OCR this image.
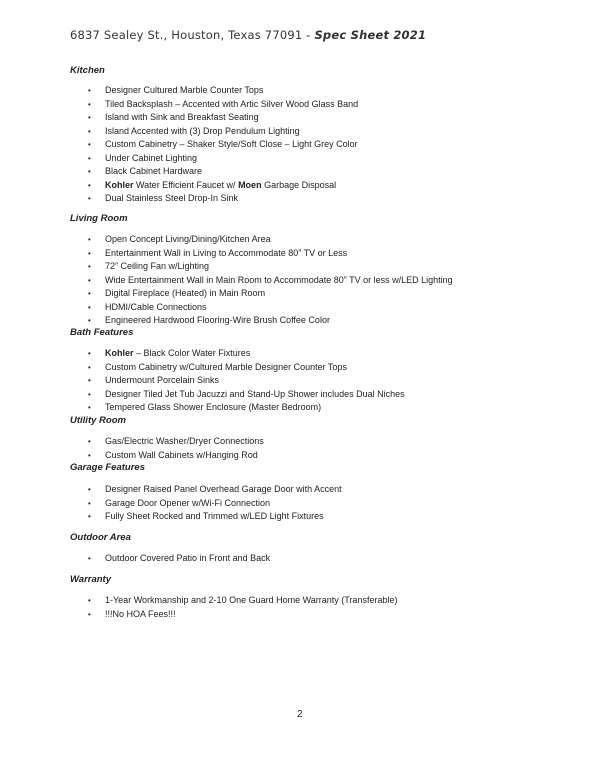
6837 Sealey St., Houston, Texas 77091 - Spec Sheet 2021
Kitchen
• Designer Cultured Marble Counter Tops
• Tiled Backsplash – Accented with Artic Silver Wood Glass Band
• Island with Sink and Breakfast Seating
• Island Accented with (3) Drop Pendulum Lighting
• Custom Cabinetry – Shaker Style/Soft Close – Light Grey Color
• Under Cabinet Lighting
• Black Cabinet Hardware
• Kohler Water Efficient Faucet w/ Moen Garbage Disposal
• Dual Stainless Steel Drop-In Sink
Living Room
• Open Concept Living/Dining/Kitchen Area
• Entertainment Wall in Living to Accommodate 80” TV or Less
• 72” Ceiling Fan w/Lighting
• Wide Entertainment Wall in Main Room to Accommodate 80” TV or less w/LED Lighting
• Digital Fireplace (Heated) in Main Room
• HDMI/Cable Connections
• Engineered Hardwood Flooring-Wire Brush Coffee Color
Bath Features
• Kohler – Black Color Water Fixtures
• Custom Cabinetry w/Cultured Marble Designer Counter Tops
• Undermount Porcelain Sinks
• Designer Tiled Jet Tub Jacuzzi and Stand-Up Shower includes Dual Niches
• Tempered Glass Shower Enclosure (Master Bedroom)
Utility Room
• Gas/Electric Washer/Dryer Connections
• Custom Wall Cabinets w/Hanging Rod
Garage Features
• Designer Raised Panel Overhead Garage Door with Accent
• Garage Door Opener w/Wi-Fi Connection
• Fully Sheet Rocked and Trimmed w/LED Light Fixtures
Outdoor Area
• Outdoor Covered Patio in Front and Back
Warranty
• 1-Year Workmanship and 2-10 One Guard Home Warranty (Transferable)
• !!!No HOA Fees!!!
2
